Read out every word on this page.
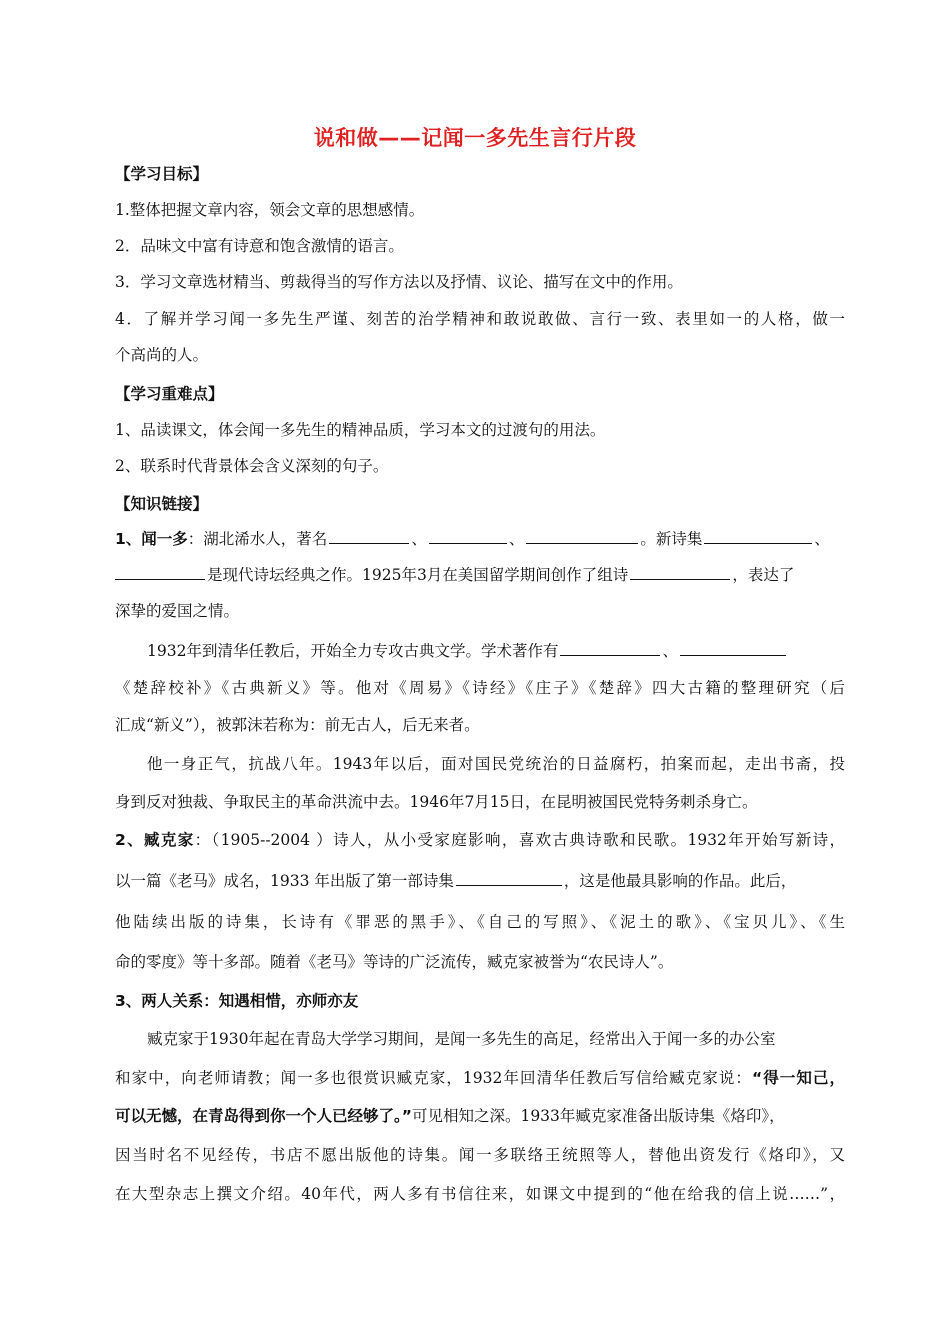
说和做——记闻一多先生言行片段
【学习目标】
1.整体把握文章内容，领会文章的思想感情。
2．品味文中富有诗意和饱含激情的语言。
3．学习文章选材精当、剪裁得当的写作方法以及抒情、议论、描写在文中的作用。
4．了解并学习闻一多先生严谨、刻苦的治学精神和敢说敢做、言行一致、表里如一的人格，做一
个高尚的人。
【学习重难点】
1、品读课文，体会闻一多先生的精神品质，学习本文的过渡句的用法。
2、联系时代背景体会含义深刻的句子。
【知识链接】
1、闻一多：湖北浠水人，著名	、	、	。新诗集	、
是现代诗坛经典之作。1925年3月在美国留学期间创作了组诗	，表达了
深挚的爱国之情。
1932年到清华任教后，开始全力专攻古典文学。学术著作有	、
《楚辞校补》《古典新义》等。他对《周易》《诗经》《庄子》《楚辞》四大古籍的整理研究（后
汇成“新义”），被郭沫若称为：前无古人，后无来者。
他一身正气，抗战八年。1943年以后，面对国民党统治的日益腐朽，拍案而起，走出书斋，投
身到反对独裁、争取民主的革命洪流中去。1946年7月15日，在昆明被国民党特务刺杀身亡。
2、臧克家：（1905--2004 ）诗人，从小受家庭影响，喜欢古典诗歌和民歌。1932年开始写新诗，
以一篇《老马》成名，1933 年出版了第一部诗集	，这是他最具影响的作品。此后，
他陆续出版的诗集，长诗有《罪恶的黑手》、《自己的写照》、《泥土的歌》、《宝贝儿》、《生
命的零度》等十多部。随着《老马》等诗的广泛流传，臧克家被誉为“农民诗人”。
3、两人关系：知遇相惜，亦师亦友
臧克家于1930年起在青岛大学学习期间，是闻一多先生的高足，经常出入于闻一多的办公室
和家中，向老师请教；闻一多也很赏识臧克家，1932年回清华任教后写信给臧克家说：“得一知己，
可以无憾，在青岛得到你一个人已经够了。”可见相知之深。1933年臧克家准备出版诗集《烙印》，
因当时名不见经传，书店不愿出版他的诗集。闻一多联络王统照等人，替他出资发行《烙印》，又
在大型杂志上撰文介绍。40年代，两人多有书信往来，如课文中提到的“他在给我的信上说……”，
